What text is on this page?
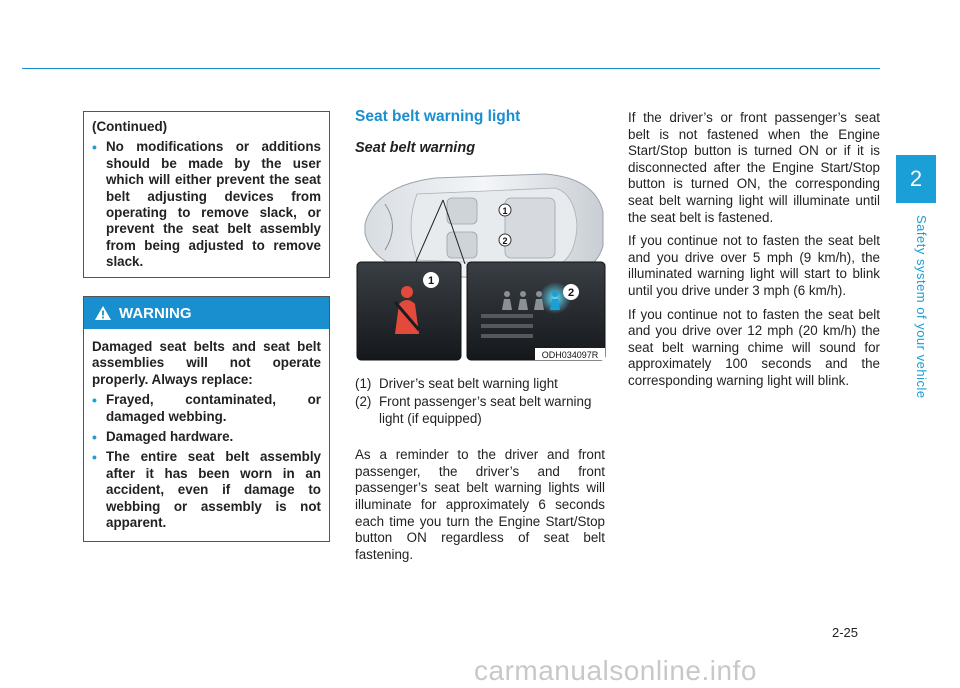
2
Safety system of your vehicle
(Continued)
• No modifications or additions should be made by the user which will either prevent the seat belt adjusting devices from operating to remove slack, or prevent the seat belt assembly from being adjusted to remove slack.
WARNING
Damaged seat belts and seat belt assemblies will not operate properly. Always replace:
• Frayed, contaminated, or damaged webbing.
• Damaged hardware.
• The entire seat belt assembly after it has been worn in an accident, even if damage to webbing or assembly is not apparent.
Seat belt warning light
Seat belt warning
1
2
1
2
ODH034097R
(1) Driver’s seat belt warning light
(2) Front passenger’s seat belt warning light (if equipped)
As a reminder to the driver and front passenger, the driver’s and front passenger’s seat belt warning lights will illuminate for approximately 6 seconds each time you turn the Engine Start/Stop button ON regardless of seat belt fastening.

If the driver’s or front passenger’s seat belt is not fastened when the Engine Start/Stop button is turned ON or if it is disconnected after the Engine Start/Stop button is turned ON, the corresponding seat belt warning light will illuminate until the seat belt is fastened.

If you continue not to fasten the seat belt and you drive over 5 mph (9 km/h), the illuminated warning light will start to blink until you drive under 3 mph (6 km/h).

If you continue not to fasten the seat belt and you drive over 12 mph (20 km/h) the seat belt warning chime will sound for approximately 100 seconds and the corresponding warning light will blink.

2-25
carmanualsonline.info
